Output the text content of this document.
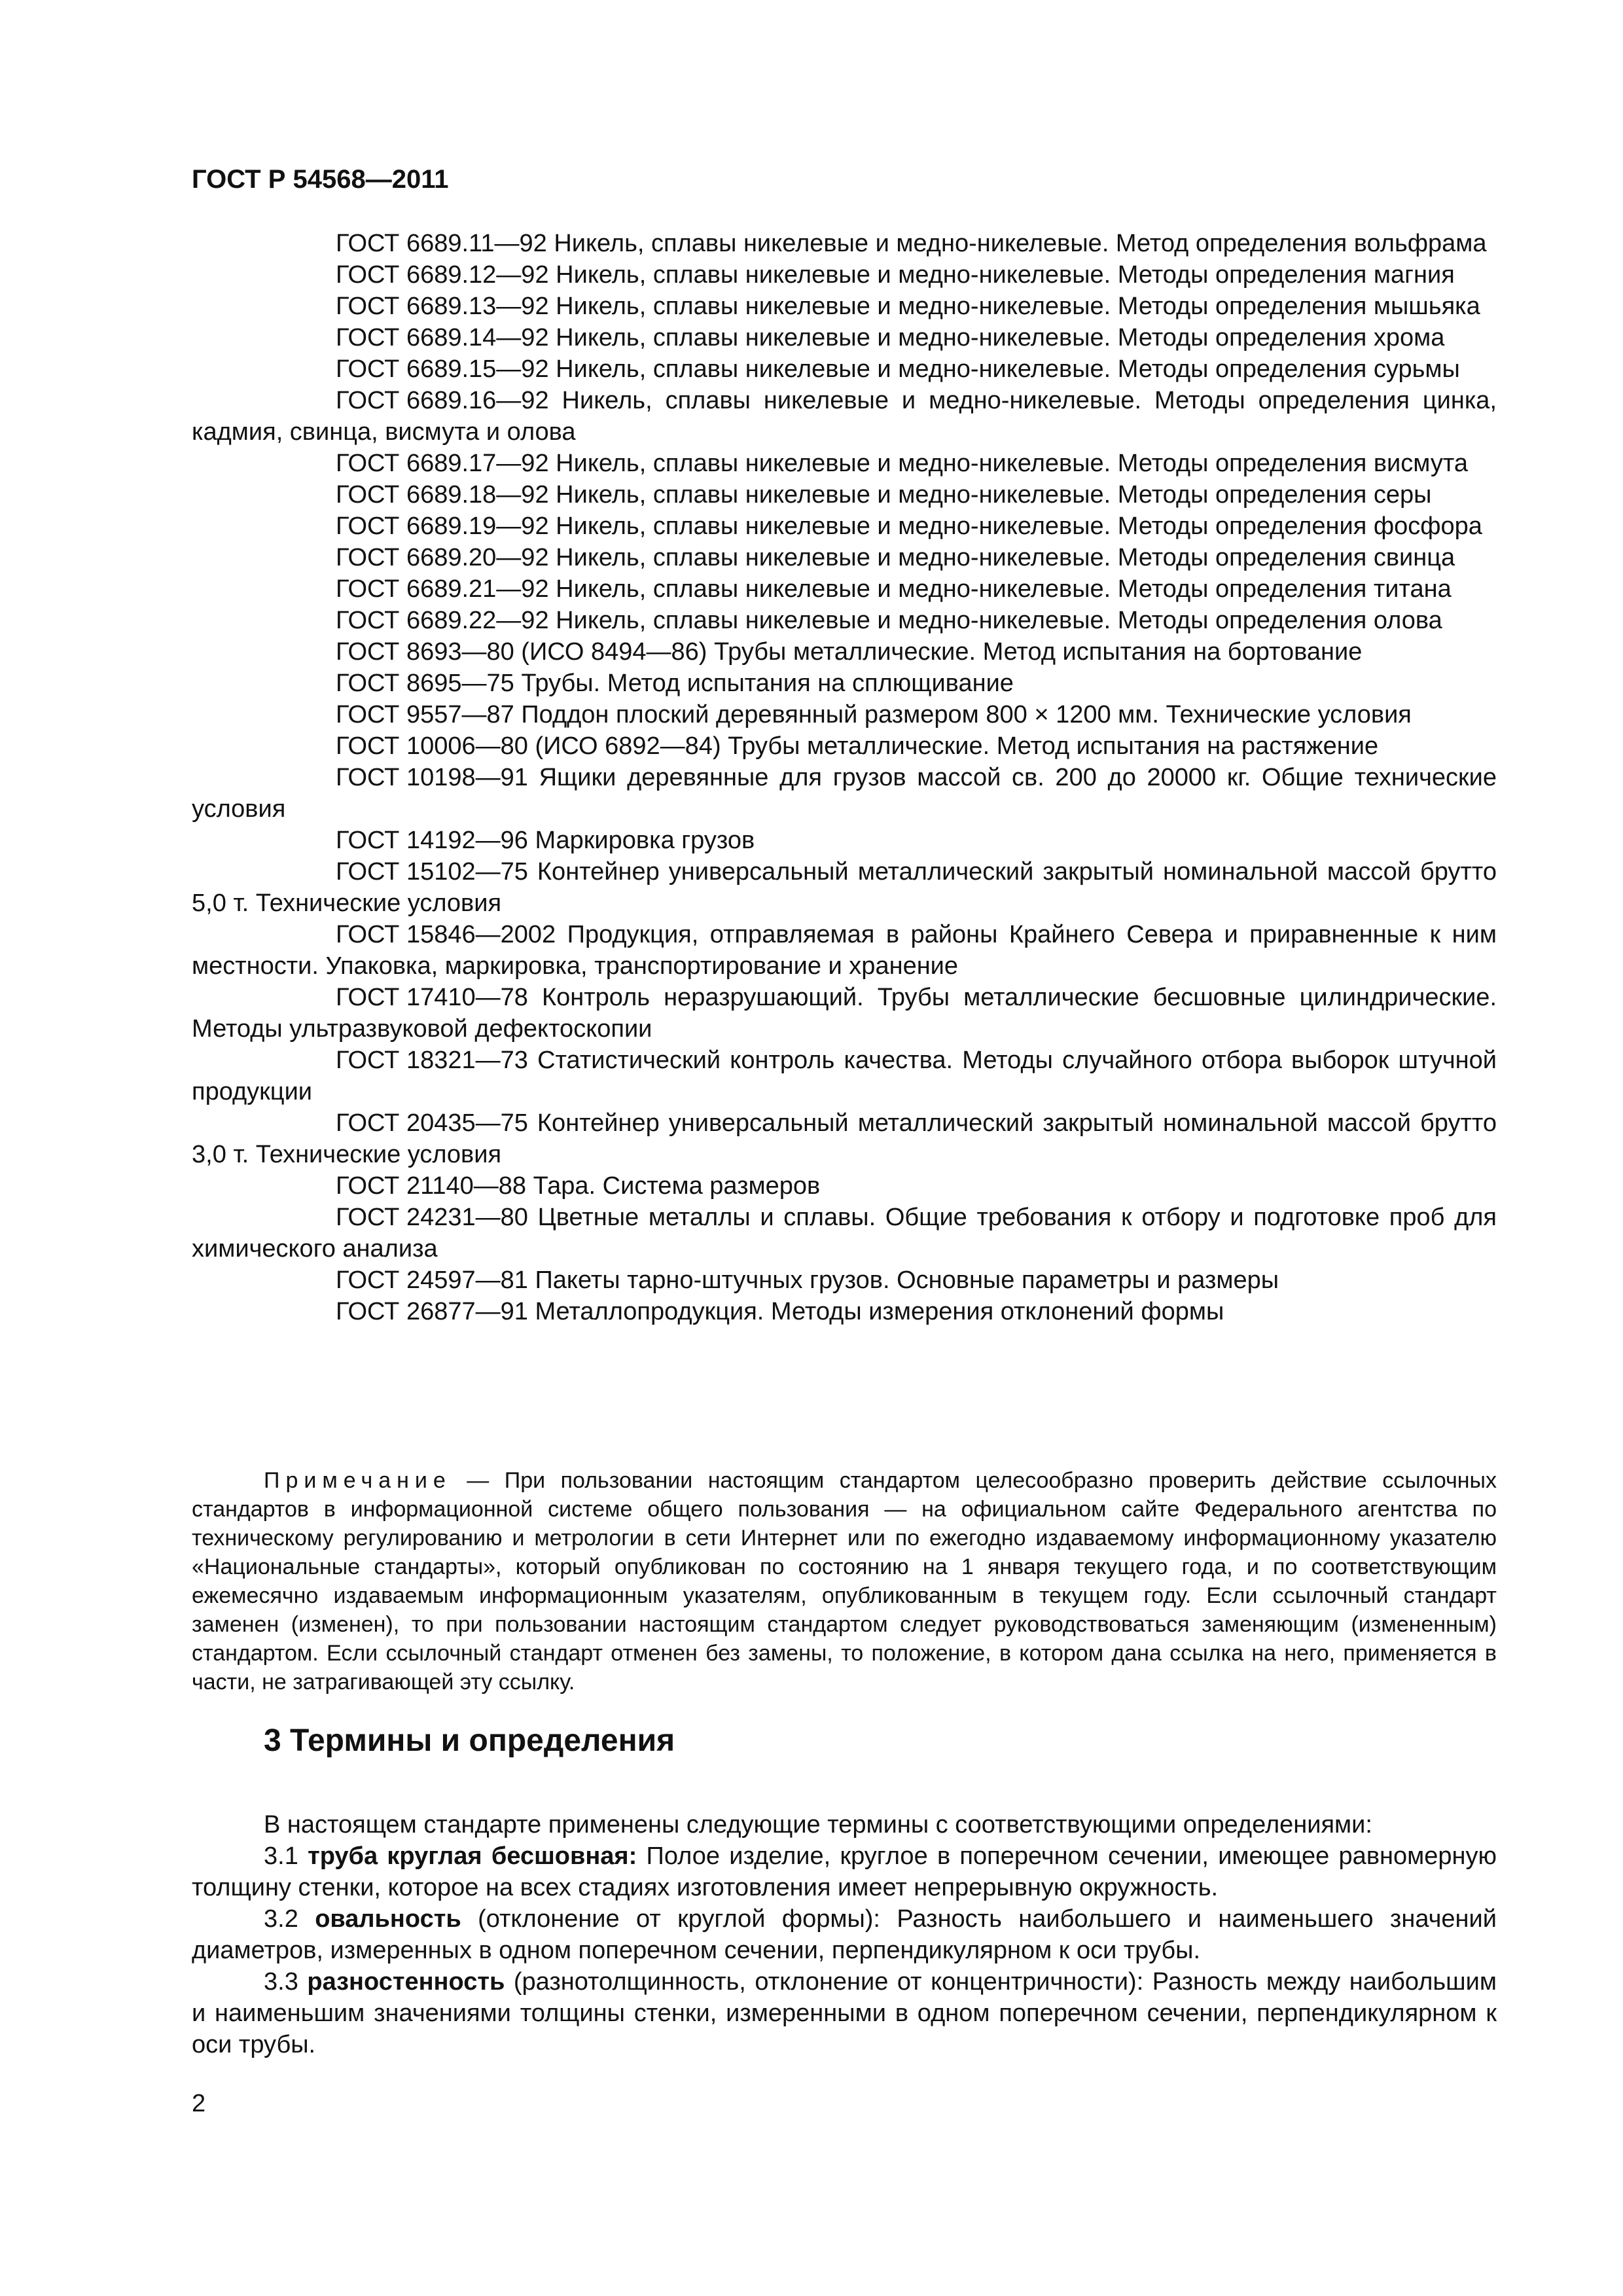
ГОСТ Р 54568—2011

ГОСТ 6689.11—92 Никель, сплавы никелевые и медно-никелевые. Метод определения вольфрама

ГОСТ 6689.12—92 Никель, сплавы никелевые и медно-никелевые. Методы определения магния

ГОСТ 6689.13—92 Никель, сплавы никелевые и медно-никелевые. Методы определения мышьяка

ГОСТ 6689.14—92 Никель, сплавы никелевые и медно-никелевые. Методы определения хрома

ГОСТ 6689.15—92 Никель, сплавы никелевые и медно-никелевые. Методы определения сурьмы

ГОСТ 6689.16—92 Никель, сплавы никелевые и медно-никелевые. Методы определения цинка, кадмия, свинца, висмута и олова

ГОСТ 6689.17—92 Никель, сплавы никелевые и медно-никелевые. Методы определения висмута

ГОСТ 6689.18—92 Никель, сплавы никелевые и медно-никелевые. Методы определения серы

ГОСТ 6689.19—92 Никель, сплавы никелевые и медно-никелевые. Методы определения фосфора

ГОСТ 6689.20—92 Никель, сплавы никелевые и медно-никелевые. Методы определения свинца

ГОСТ 6689.21—92 Никель, сплавы никелевые и медно-никелевые. Методы определения титана

ГОСТ 6689.22—92 Никель, сплавы никелевые и медно-никелевые. Методы определения олова

ГОСТ 8693—80 (ИСО 8494—86) Трубы металлические. Метод испытания на бортование

ГОСТ 8695—75 Трубы. Метод испытания на сплющивание

ГОСТ 9557—87 Поддон плоский деревянный размером 800 × 1200 мм. Технические условия

ГОСТ 10006—80 (ИСО 6892—84) Трубы металлические. Метод испытания на растяжение

ГОСТ 10198—91 Ящики деревянные для грузов массой св. 200 до 20000 кг. Общие технические условия

ГОСТ 14192—96 Маркировка грузов

ГОСТ 15102—75 Контейнер универсальный металлический закрытый номинальной массой брутто 5,0 т. Технические условия

ГОСТ 15846—2002 Продукция, отправляемая в районы Крайнего Севера и приравненные к ним местности. Упаковка, маркировка, транспортирование и хранение

ГОСТ 17410—78 Контроль неразрушающий. Трубы металлические бесшовные цилиндрические. Методы ультразвуковой дефектоскопии

ГОСТ 18321—73 Статистический контроль качества. Методы случайного отбора выборок штучной продукции

ГОСТ 20435—75 Контейнер универсальный металлический закрытый номинальной массой брутто 3,0 т. Технические условия

ГОСТ 21140—88 Тара. Система размеров

ГОСТ 24231—80 Цветные металлы и сплавы. Общие требования к отбору и подготовке проб для химического анализа

ГОСТ 24597—81 Пакеты тарно-штучных грузов. Основные параметры и размеры

ГОСТ 26877—91 Металлопродукция. Методы измерения отклонений формы

Примечание — При пользовании настоящим стандартом целесообразно проверить действие ссылочных стандартов в информационной системе общего пользования — на официальном сайте Федерального агентства по техническому регулированию и метрологии в сети Интернет или по ежегодно издаваемому информационному указателю «Национальные стандарты», который опубликован по состоянию на 1 января текущего года, и по соответствующим ежемесячно издаваемым информационным указателям, опубликованным в текущем году. Если ссылочный стандарт заменен (изменен), то при пользовании настоящим стандартом следует руководствоваться заменяющим (измененным) стандартом. Если ссылочный стандарт отменен без замены, то положение, в котором дана ссылка на него, применяется в части, не затрагивающей эту ссылку.

3 Термины и определения

В настоящем стандарте применены следующие термины с соответствующими определениями:

3.1 труба круглая бесшовная: Полое изделие, круглое в поперечном сечении, имеющее равномерную толщину стенки, которое на всех стадиях изготовления имеет непрерывную окружность.

3.2 овальность (отклонение от круглой формы): Разность наибольшего и наименьшего значений диаметров, измеренных в одном поперечном сечении, перпендикулярном к оси трубы.

3.3 разностенность (разнотолщинность, отклонение от концентричности): Разность между наибольшим и наименьшим значениями толщины стенки, измеренными в одном поперечном сечении, перпендикулярном к оси трубы.

2
